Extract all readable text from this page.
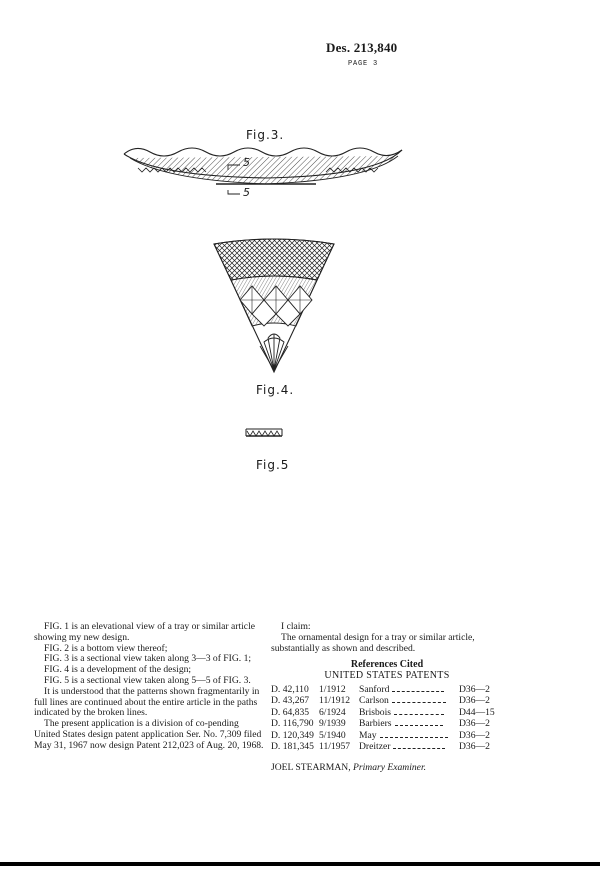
Des. 213,840
PAGE 3
Fig.3.
5
5
Fig.4.
Fig.5

FIG. 1 is an elevational view of a tray or similar article showing my new design.

FIG. 2 is a bottom view thereof;

FIG. 3 is a sectional view taken along 3—3 of FIG. 1;

FIG. 4 is a development of the design;

FIG. 5 is a sectional view taken along 5—5 of FIG. 3.

It is understood that the patterns shown fragmentarily in full lines are continued about the entire article in the paths indicated by the broken lines.

The present application is a division of co-pending United States design patent application Ser. No. 7,309 filed May 31, 1967 now design Patent 212,023 of Aug. 20, 1968.

I claim:

The ornamental design for a tray or similar article, substantially as shown and described.

References Cited
UNITED STATES PATENTS
D. 42,110	1/1912	Sanford	D36—2
D. 43,267	11/1912	Carlson	D36—2
D. 64,835	6/1924	Brisbois	D44—15
D. 116,790	9/1939	Barbiers	D36—2
D. 120,349	5/1940	May	D36—2
D. 181,345	11/1957	Dreitzer	D36—2

JOEL STEARMAN, Primary Examiner.
